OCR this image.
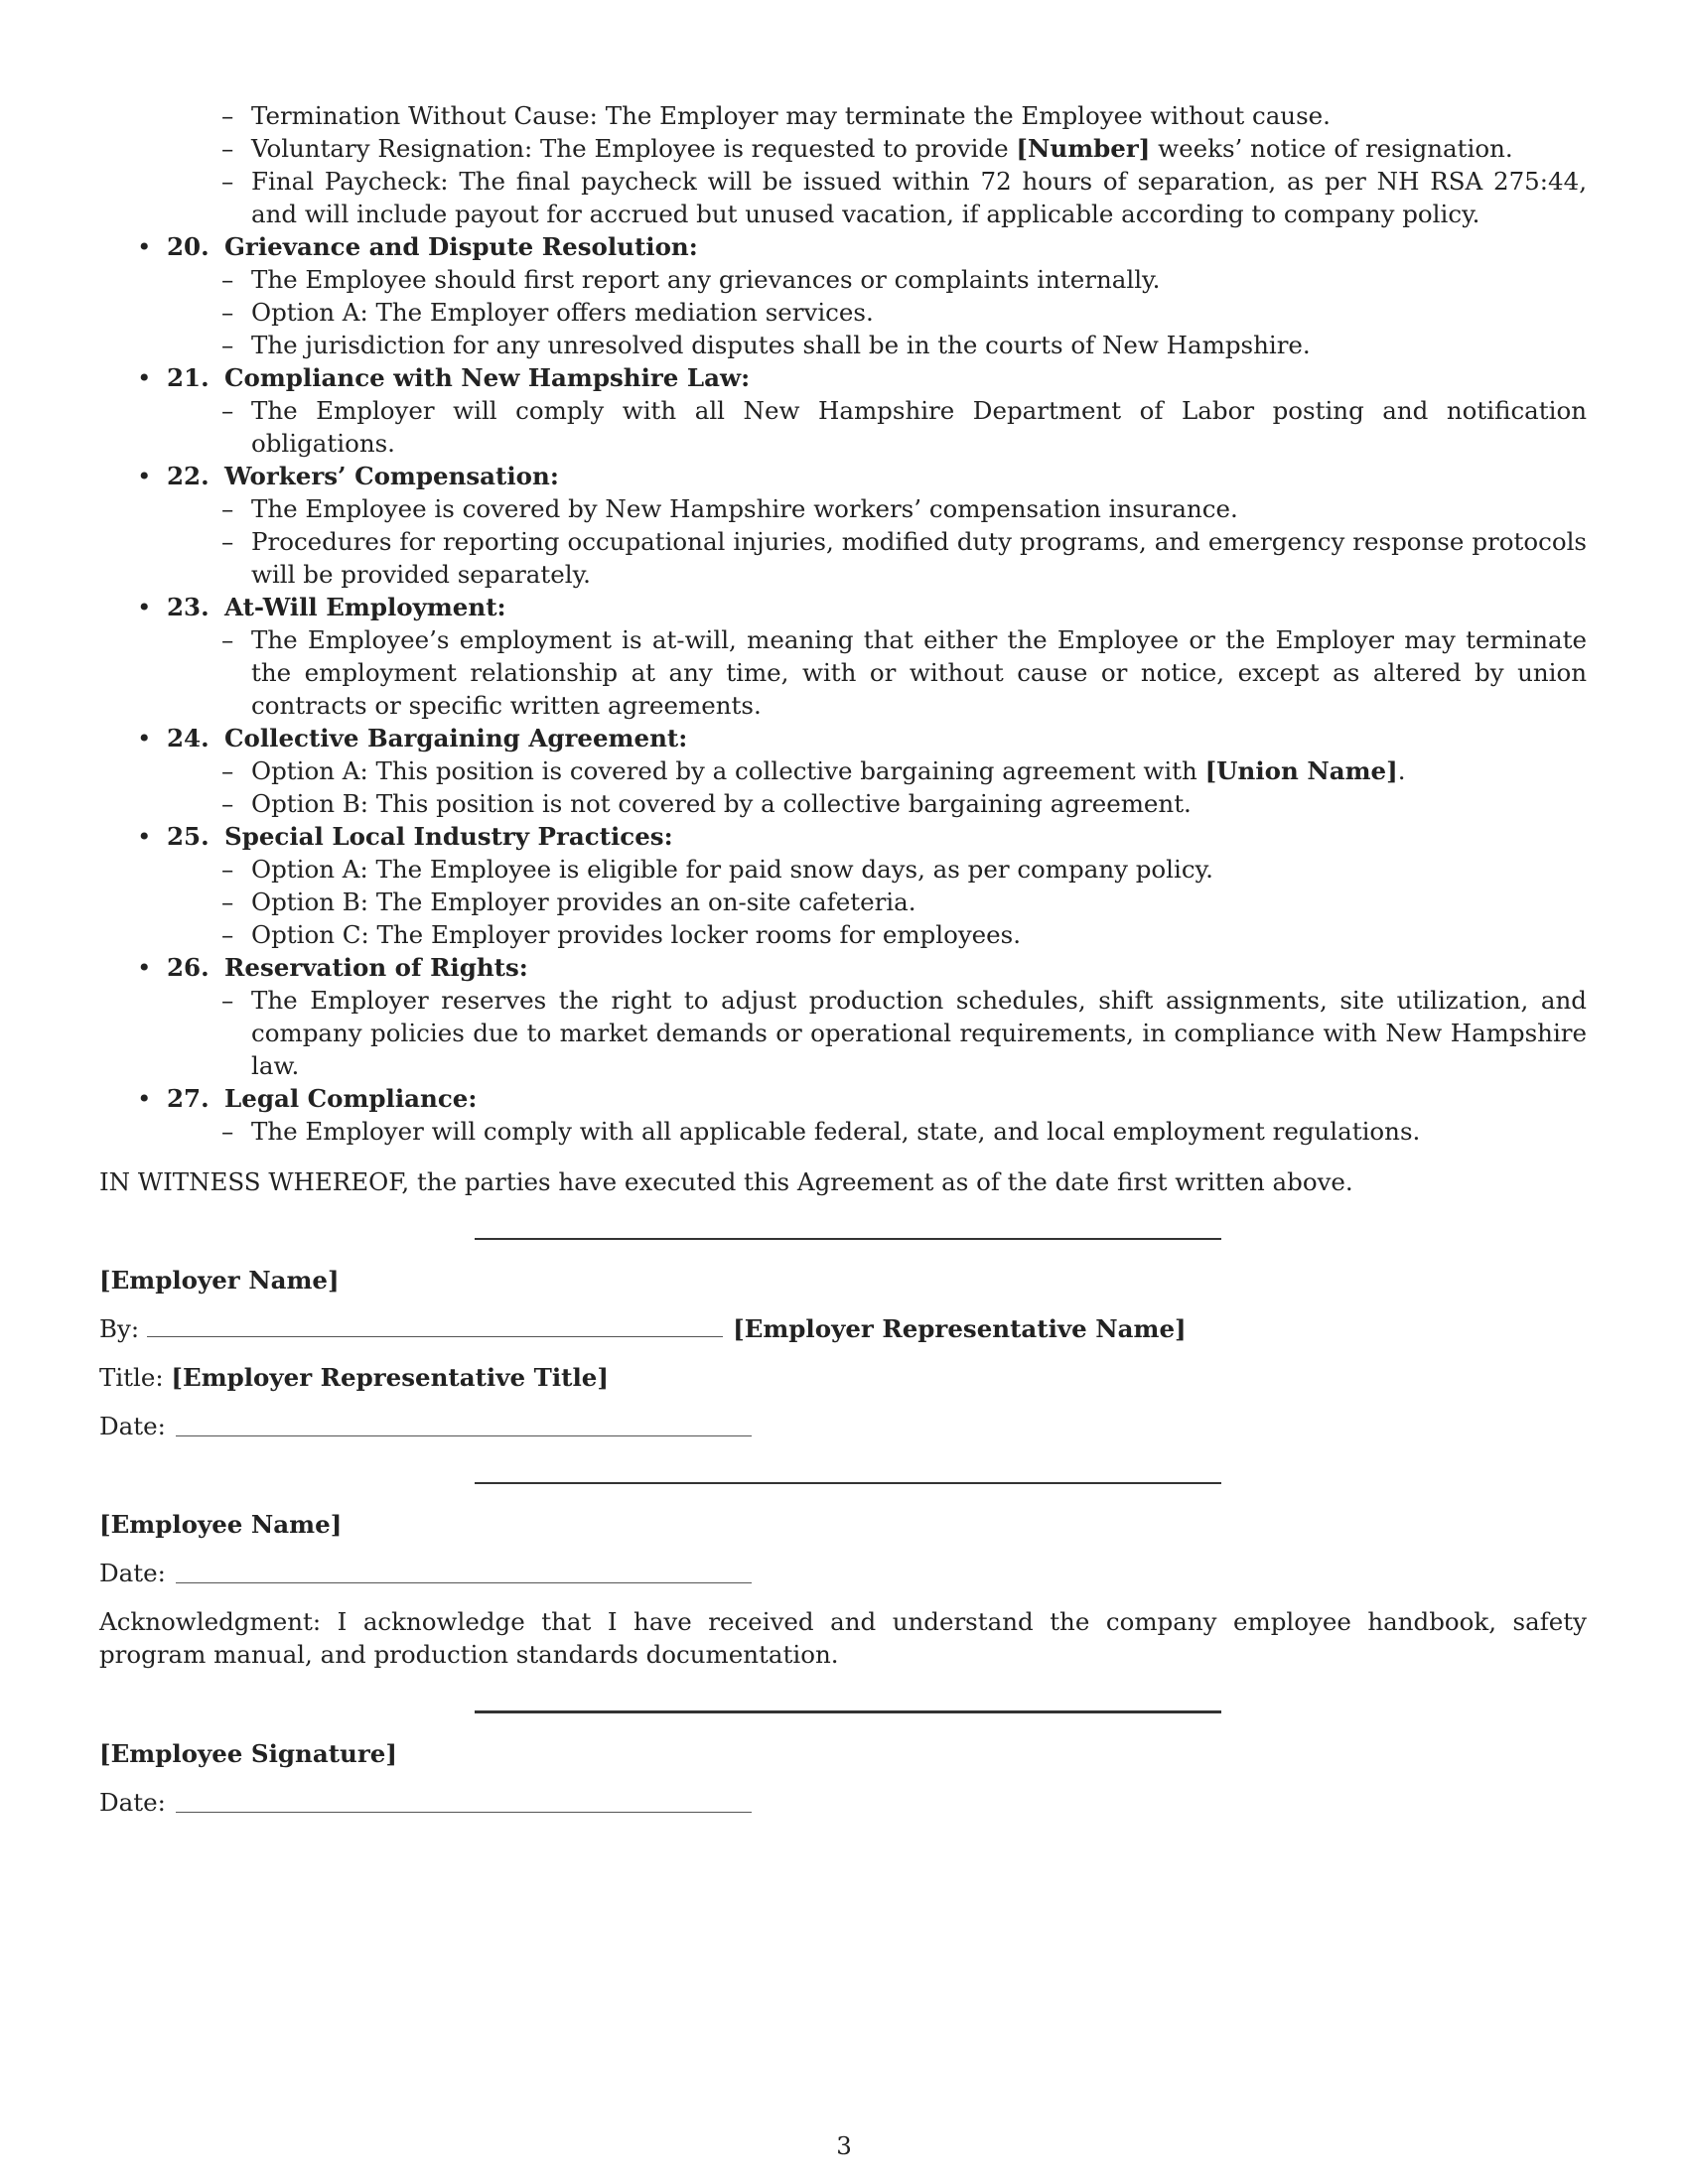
– Termination Without Cause: The Employer may terminate the Employee without cause.
– Voluntary Resignation: The Employee is requested to provide [Number] weeks’ notice of resignation.
– Final Paycheck: The final paycheck will be issued within 72 hours of separation, as per NH RSA 275:44, and will include payout for accrued but unused vacation, if applicable according to company policy.
• 20. Grievance and Dispute Resolution:
– The Employee should first report any grievances or complaints internally.
– Option A: The Employer offers mediation services.
– The jurisdiction for any unresolved disputes shall be in the courts of New Hampshire.
• 21. Compliance with New Hampshire Law:
– The Employer will comply with all New Hampshire Department of Labor posting and notification obligations.
• 22. Workers’ Compensation:
– The Employee is covered by New Hampshire workers’ compensation insurance.
– Procedures for reporting occupational injuries, modified duty programs, and emergency response protocols will be provided separately.
• 23. At-Will Employment:
– The Employee’s employment is at-will, meaning that either the Employee or the Employer may terminate the employment relationship at any time, with or without cause or notice, except as altered by union contracts or specific written agreements.
• 24. Collective Bargaining Agreement:
– Option A: This position is covered by a collective bargaining agreement with [Union Name].
– Option B: This position is not covered by a collective bargaining agreement.
• 25. Special Local Industry Practices:
– Option A: The Employee is eligible for paid snow days, as per company policy.
– Option B: The Employer provides an on-site cafeteria.
– Option C: The Employer provides locker rooms for employees.
• 26. Reservation of Rights:
– The Employer reserves the right to adjust production schedules, shift assignments, site utilization, and company policies due to market demands or operational requirements, in compliance with New Hampshire law.
• 27. Legal Compliance:
– The Employer will comply with all applicable federal, state, and local employment regulations.

IN WITNESS WHEREOF, the parties have executed this Agreement as of the date first written above.

[Employer Name]
By:	[Employer Representative Name]
Title: [Employer Representative Title]
Date:
[Employee Name]
Date:

Acknowledgment: I acknowledge that I have received and understand the company employee handbook, safety program manual, and production standards documentation.

[Employee Signature]
Date:
3
